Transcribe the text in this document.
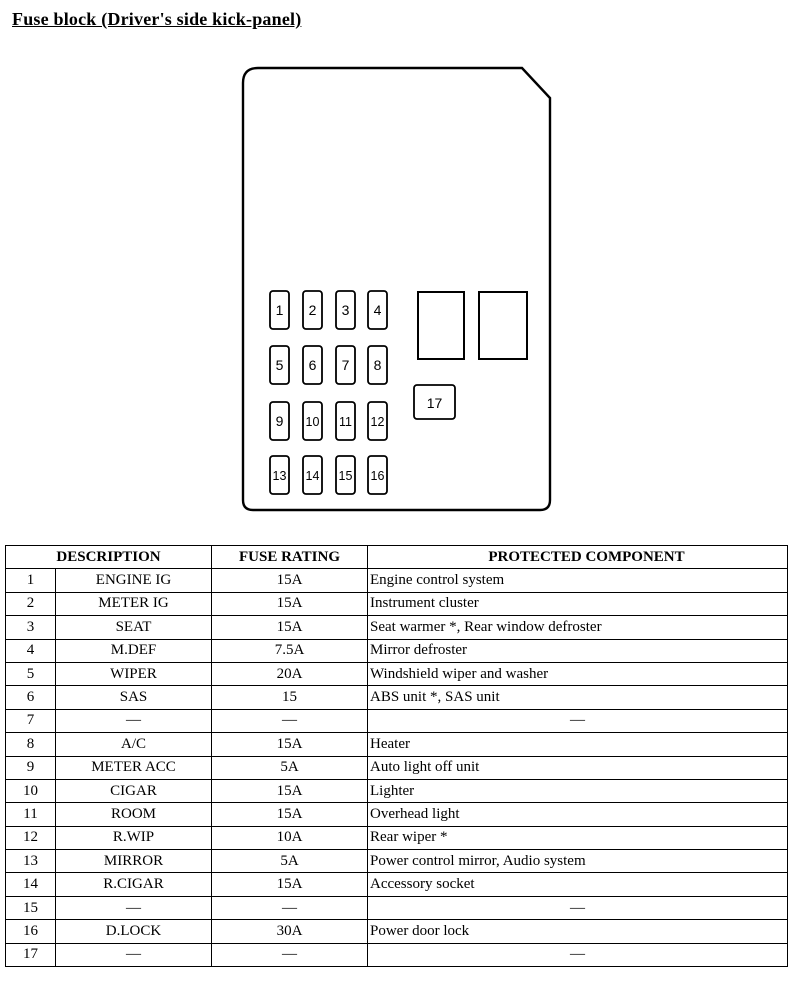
Fuse block (Driver's side kick-panel)
1 2 3 4
5 6 7 8
9 10 11 12
13 14 15 16
17
DESCRIPTION		FUSE RATING	PROTECTED COMPONENT
1	ENGINE IG	15A	Engine control system
2	METER IG	15A	Instrument cluster
3	SEAT	15A	Seat warmer *, Rear window defroster
4	M.DEF	7.5A	Mirror defroster
5	WIPER	20A	Windshield wiper and washer
6	SAS	15	ABS unit *, SAS unit
7	—	—	—
8	A/C	15A	Heater
9	METER ACC	5A	Auto light off unit
10	CIGAR	15A	Lighter
11	ROOM	15A	Overhead light
12	R.WIP	10A	Rear wiper *
13	MIRROR	5A	Power control mirror, Audio system
14	R.CIGAR	15A	Accessory socket
15	—	—	—
16	D.LOCK	30A	Power door lock
17	—	—	—
